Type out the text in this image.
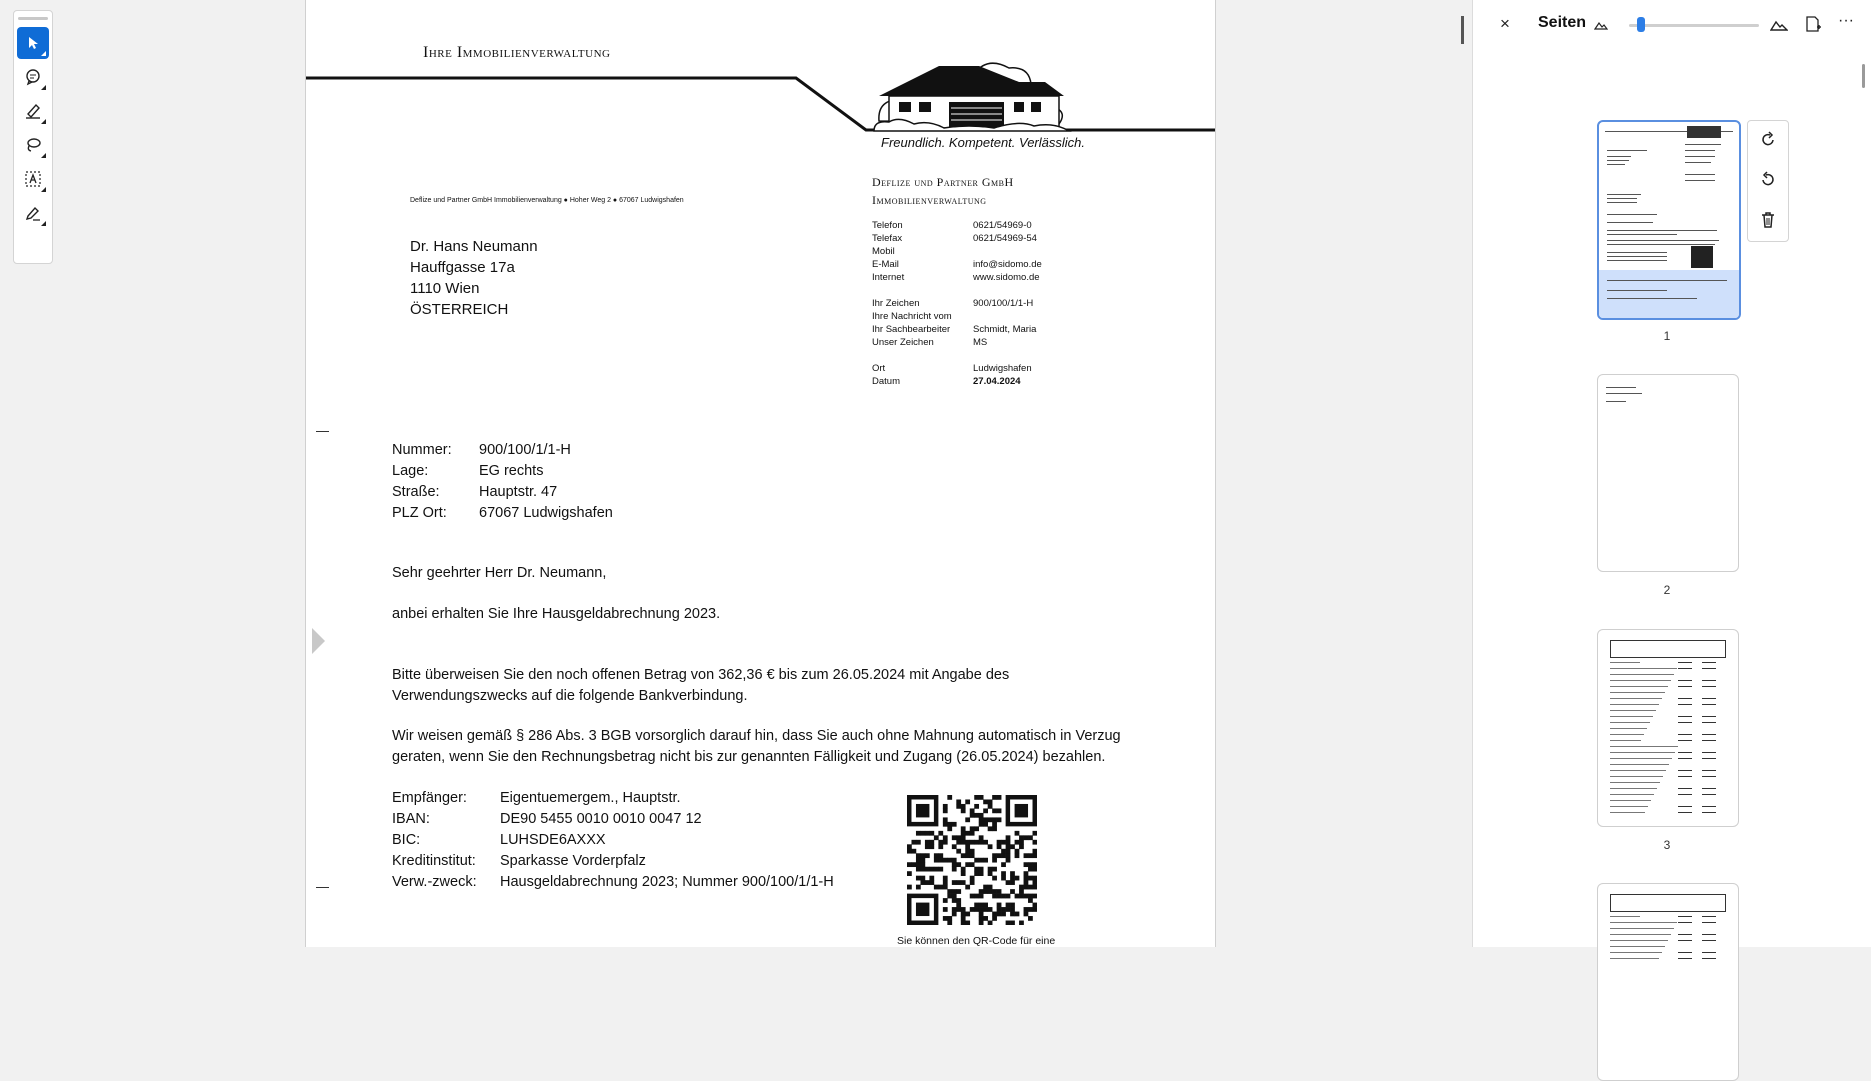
Ihre Immobilienverwaltung
Freundlich. Kompetent. Verlässlich.
Deflize und Partner GmbH Immobilienverwaltung ● Hoher Weg 2 ● 67067 Ludwigshafen
Dr. Hans Neumann
Hauffgasse 17a
1110 Wien
ÖSTERREICH
Deflize und Partner GmbH
Immobilienverwaltung
Telefon	0621/54969-0
Telefax	0621/54969-54
Mobil
E-Mail	info@sidomo.de
Internet	www.sidomo.de
Ihr Zeichen	900/100/1/1-H
Ihre Nachricht vom
Ihr Sachbearbeiter Schmidt, Maria
Unser Zeichen	MS
Ort	Ludwigshafen
Datum	27.04.2024
Nummer: 900/100/1/1-H
Lage:	EG rechts
Straße:	Hauptstr. 47
PLZ Ort: 67067 Ludwigshafen
Sehr geehrter Herr Dr. Neumann,
anbei erhalten Sie Ihre Hausgeldabrechnung 2023.
Bitte überweisen Sie den noch offenen Betrag von 362,36 € bis zum 26.05.2024 mit Angabe des
Verwendungszwecks auf die folgende Bankverbindung.
Wir weisen gemäß § 286 Abs. 3 BGB vorsorglich darauf hin, dass Sie auch ohne Mahnung automatisch in Verzug
geraten, wenn Sie den Rechnungsbetrag nicht bis zur genannten Fälligkeit und Zugang (26.05.2024) bezahlen.
Empfänger: Eigentuemergem., Hauptstr.
IBAN:	DE90 5455 0010 0010 0047 12
BIC:	LUHSDE6AXXX
Kreditinstitut: Sparkasse Vorderpfalz
Verw.-zweck: Hausgeldabrechnung 2023; Nummer 900/100/1/1-H
Sie können den QR-Code für eine
× Seiten	···
1
2
3
